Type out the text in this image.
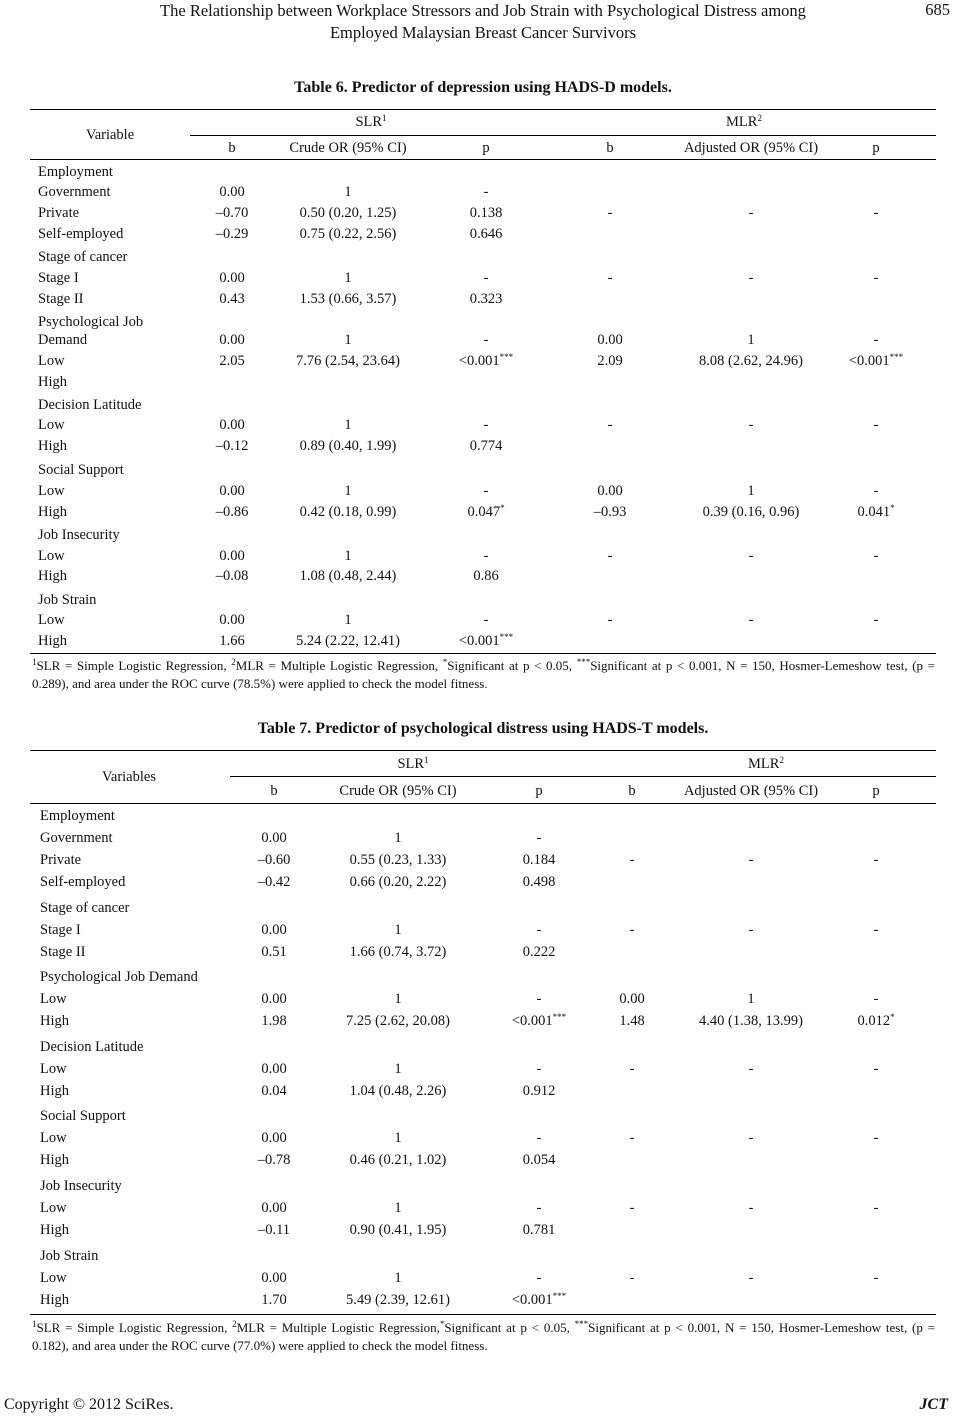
The Relationship between Workplace Stressors and Job Strain with Psychological Distress among
Employed Malaysian Breast Cancer Survivors
685
Table 6. Predictor of depression using HADS-D models.
Variable
SLR$^1$	MLR$^2$
b	Crude OR (95% CI)	p	b	Adjusted OR (95% CI)	p
Employment
Government	0.00	1	-
Private	–0.70	0.50 (0.20, 1.25)	0.138	-	-	-
Self-employed	–0.29	0.75 (0.22, 2.56)	0.646
Stage of cancer
Stage I	0.00	1	-	-	-	-
Stage II	0.43	1.53 (0.66, 3.57)	0.323
Psychological Job
Demand	0.00	1	-	0.00	1	-
Low	2.05	7.76 (2.54, 23.64)	<0.001***	2.09	8.08 (2.62, 24.96)	<0.001***
High
Decision Latitude
Low	0.00	1	-	-	-	-
High	–0.12	0.89 (0.40, 1.99)	0.774
Social Support
Low	0.00	1	-	0.00	1	-
High	–0.86	0.42 (0.18, 0.99)	0.047*	–0.93	0.39 (0.16, 0.96)	0.041*
Job Insecurity
Low	0.00	1	-	-	-	-
High	–0.08	1.08 (0.48, 2.44)	0.86
Job Strain
Low	0.00	1	-	-	-	-
High	1.66	5.24 (2.22, 12.41)	<0.001***
$^1$SLR = Simple Logistic Regression, $^2$MLR = Multiple Logistic Regression, *Significant at p < 0.05, ***Significant at p < 0.001, N = 150, Hosmer-Lemeshow test, (p = 0.289), and area under the ROC curve (78.5%) were applied to check the model fitness.
Table 7. Predictor of psychological distress using HADS-T models.
Variables
SLR$^1$	MLR$^2$
b	Crude OR (95% CI)	p	b	Adjusted OR (95% CI)	p
Employment
Government	0.00	1	-
Private	–0.60	0.55 (0.23, 1.33)	0.184	-	-	-
Self-employed	–0.42	0.66 (0.20, 2.22)	0.498
Stage of cancer
Stage I	0.00	1	-	-	-	-
Stage II	0.51	1.66 (0.74, 3.72)	0.222
Psychological Job Demand
Low	0.00	1	-	0.00	1	-
High	1.98	7.25 (2.62, 20.08)	<0.001***	1.48	4.40 (1.38, 13.99)	0.012*
Decision Latitude
Low	0.00	1	-	-	-	-
High	0.04	1.04 (0.48, 2.26)	0.912
Social Support
Low	0.00	1	-	-	-	-
High	–0.78	0.46 (0.21, 1.02)	0.054
Job Insecurity
Low	0.00	1	-	-	-	-
High	–0.11	0.90 (0.41, 1.95)	0.781
Job Strain
Low	0.00	1	-	-	-	-
High	1.70	5.49 (2.39, 12.61)	<0.001***
$^1$SLR = Simple Logistic Regression, $^2$MLR = Multiple Logistic Regression,*Significant at p < 0.05, ***Significant at p < 0.001, N = 150, Hosmer-Lemeshow test, (p = 0.182), and area under the ROC curve (77.0%) were applied to check the model fitness.
Copyright © 2012 SciRes.	JCT
